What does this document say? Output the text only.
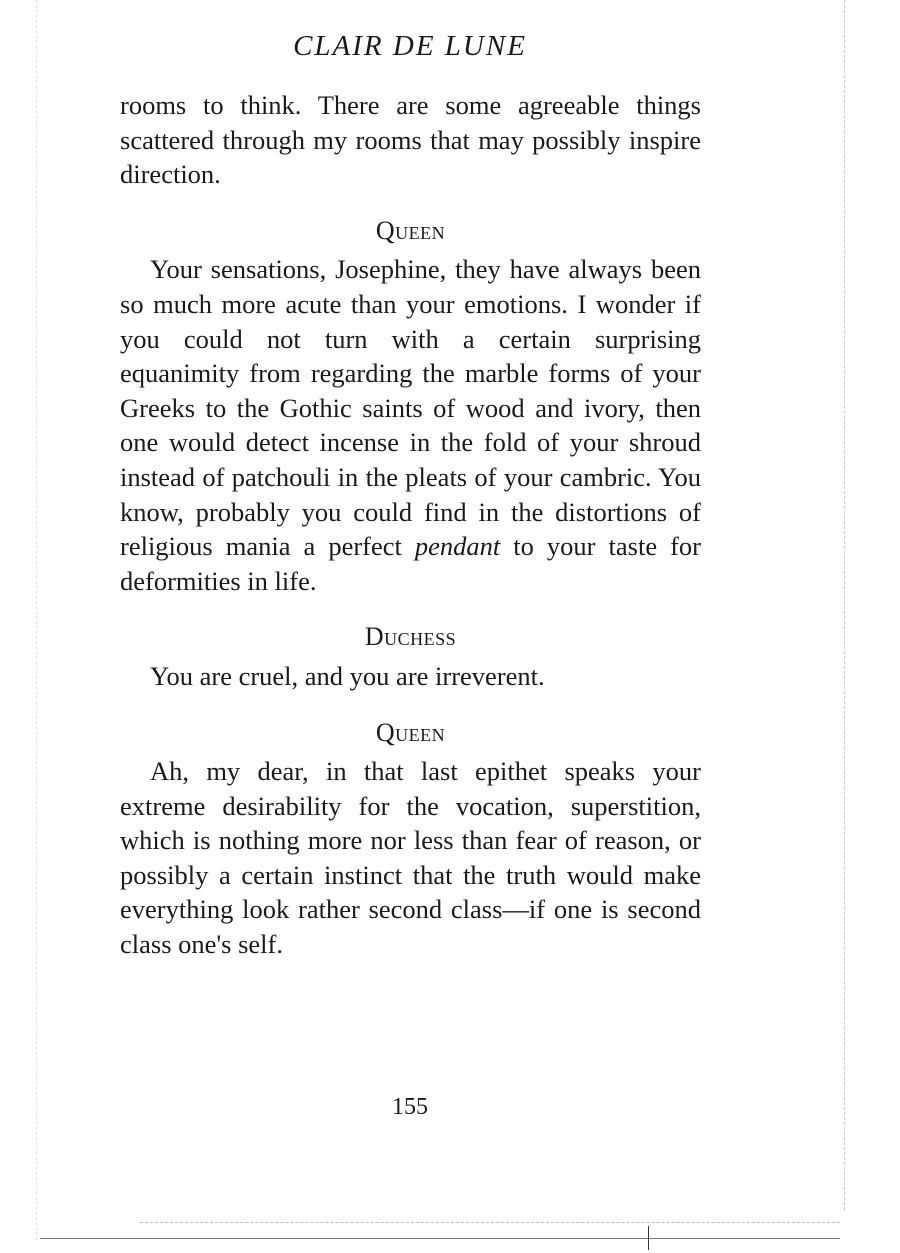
CLAIR DE LUNE

rooms to think. There are some agreeable things scattered through my rooms that may possibly inspire direction.

Queen

Your sensations, Josephine, they have always been so much more acute than your emotions. I wonder if you could not turn with a certain surprising equanimity from regarding the marble forms of your Greeks to the Gothic saints of wood and ivory, then one would detect incense in the fold of your shroud instead of patchouli in the pleats of your cambric. You know, probably you could find in the distortions of religious mania a perfect pendant to your taste for deformities in life.

Duchess

You are cruel, and you are irreverent.

Queen

Ah, my dear, in that last epithet speaks your extreme desirability for the vocation, superstition, which is nothing more nor less than fear of reason, or possibly a certain instinct that the truth would make everything look rather second class—if one is second class one's self.

155
